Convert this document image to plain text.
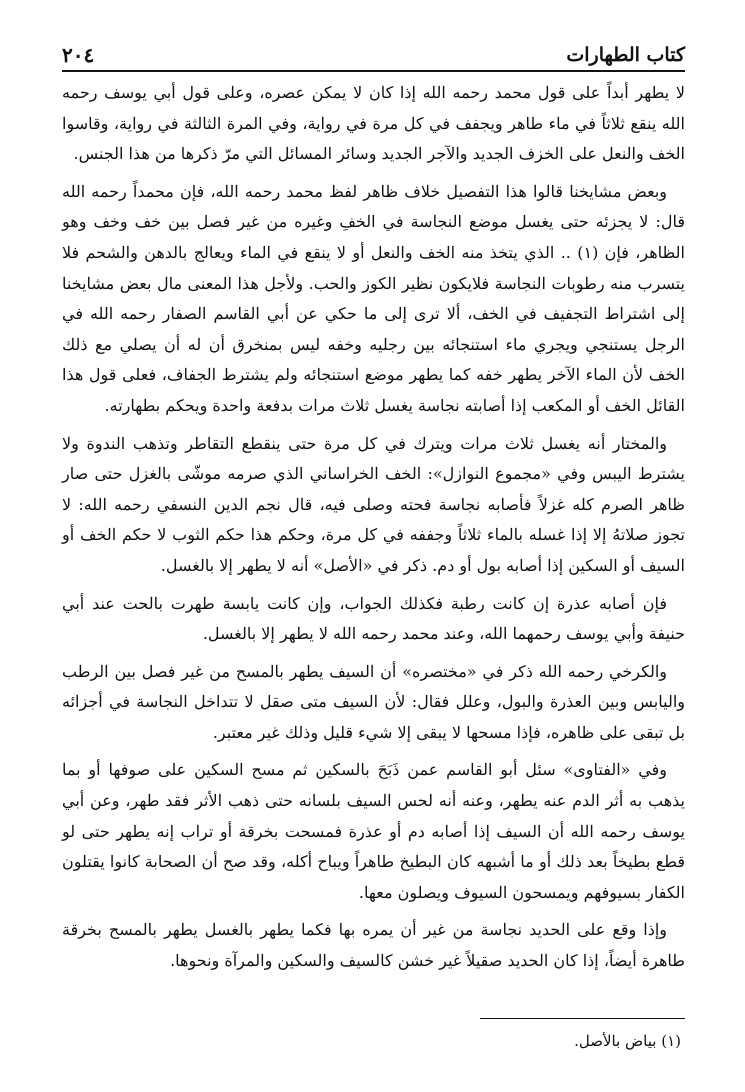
كتاب الطهارات
٢٠٤

لا يطهر أبداً على قول محمد رحمه الله إذا كان لا يمكن عصره، وعلى قول أبي يوسف رحمه الله ينقع ثلاثاً في ماء طاهر ويجفف في كل مرة في رواية، وفي المرة الثالثة في رواية، وقاسوا الخف والنعل على الخزف الجديد والآجر الجديد وسائر المسائل التي مرّ ذكرها من هذا الجنس.

وبعض مشايخنا قالوا هذا التفصيل خلاف ظاهر لفظ محمد رحمه الله، فإن محمداً رحمه الله قال: لا يجزئه حتى يغسل موضع النجاسة في الخفِ وغيره من غير فصل بين خف وخف وهو الظاهر، فإن (١) .. الذي يتخذ منه الخف والنعل أو لا ينقع في الماء ويعالج بالدهن والشحم فلا يتسرب منه رطوبات النجاسة فلايكون نظير الكوز والحب. ولأجل هذا المعنى مال بعض مشايخنا إلى اشتراط التجفيف في الخف، ألا ترى إلى ما حكي عن أبي القاسم الصفار رحمه الله في الرجل يستنجي ويجري ماء استنجائه بين رجليه وخفه ليس بمنخرق أن له أن يصلي مع ذلك الخف لأن الماء الآخر يطهر خفه كما يطهر موضع استنجائه ولم يشترط الجفاف، فعلى قول هذا القائل الخف أو المكعب إذا أصابته نجاسة يغسل ثلاث مرات بدفعة واحدة ويحكم بطهارته.

والمختار أنه يغسل ثلاث مرات ويترك في كل مرة حتى ينقطع التقاطر وتذهب الندوة ولا يشترط اليبس وفي «مجموع النوازل»: الخف الخراساني الذي صرمه موشّى بالغزل حتى صار ظاهر الصرم كله غزلاً فأصابه نجاسة فحته وصلى فيه، قال نجم الدين النسفي رحمه الله: لا تجوز صلاتهُ إلا إذا غسله بالماء ثلاثاً وجففه في كل مرة، وحكم هذا حكم الثوب لا حكم الخف أو السيف أو السكين إذا أصابه بول أو دم. ذكر في «الأصل» أنه لا يطهر إلا بالغسل.

فإن أصابه عذرة إن كانت رطبة فكذلك الجواب، وإن كانت يابسة طهرت بالحت عند أبي حنيفة وأبي يوسف رحمهما الله، وعند محمد رحمه الله لا يطهر إلا بالغسل.

والكرخي رحمه الله ذكر في «مختصره» أن السيف يطهر بالمسح من غير فصل بين الرطب واليابس وبين العذرة والبول، وعلل فقال: لأن السيف متى صقل لا تتداخل النجاسة في أجزائه بل تبقى على ظاهره، فإذا مسحها لا يبقى إلا شيء قليل وذلك غير معتبر.

وفي «الفتاوى» سئل أبو القاسم عمن ذَبَحَ بالسكين ثم مسح السكين على صوفها أو بما يذهب به أثر الدم عنه يطهر، وعنه أنه لحس السيف بلسانه حتى ذهب الأثر فقد طهر، وعن أبي يوسف رحمه الله أن السيف إذا أصابه دم أو عذرة فمسحت بخرقة أو تراب إنه يطهر حتى لو قطع بطيخاً بعد ذلك أو ما أشبهه كان البطيخ طاهراً ويباح أكله، وقد صح أن الصحابة كانوا يقتلون الكفار بسيوفهم ويمسحون السيوف ويصلون معها.

وإذا وقع على الحديد نجاسة من غير أن يمره بها فكما يطهر بالغسل يطهر بالمسح بخرقة طاهرة أيضاً، إذا كان الحديد صقيلاً غير خشن كالسيف والسكين والمرآة ونحوها.

(١) بياض بالأصل.
